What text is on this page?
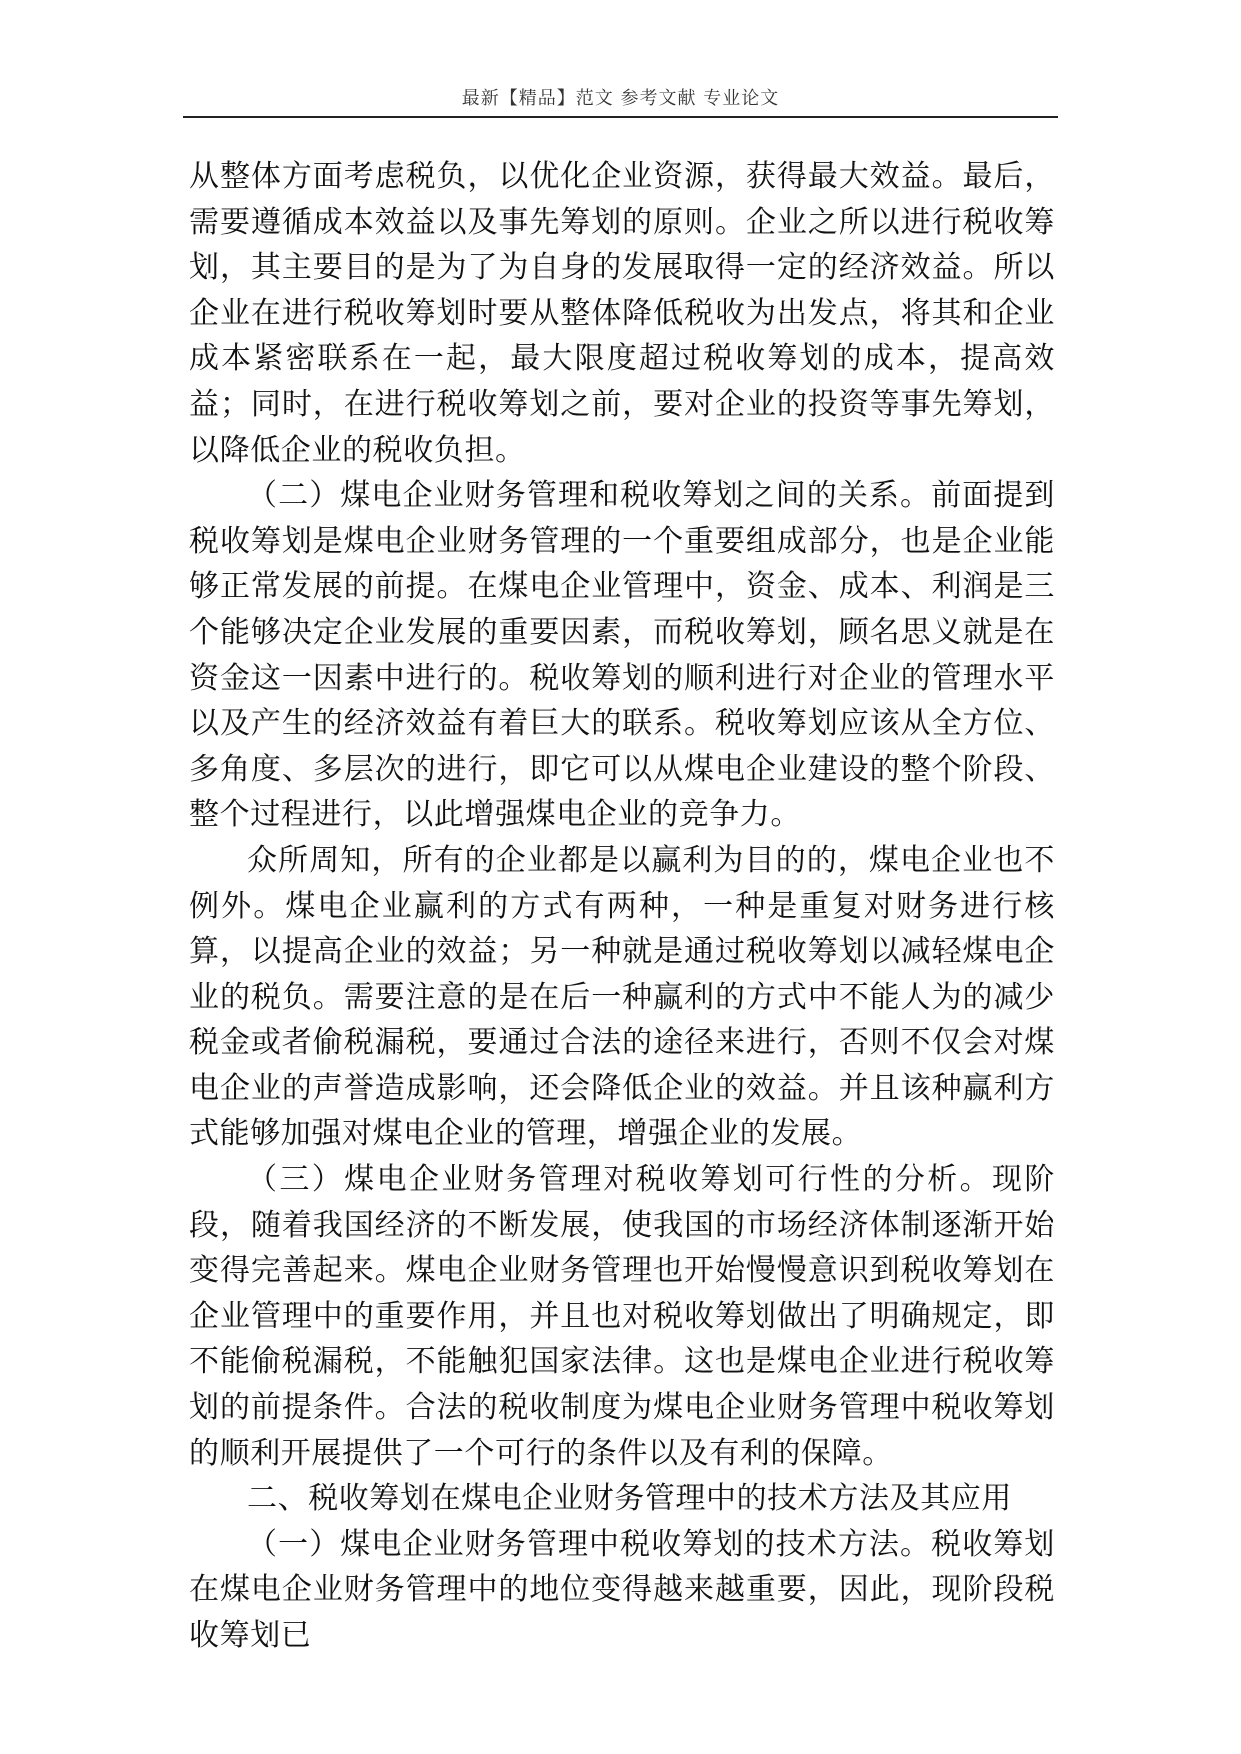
最新【精品】范文 参考文献 专业论文

从整体方面考虑税负，以优化企业资源，获得最大效益。最后，需要遵循成本效益以及事先筹划的原则。企业之所以进行税收筹划，其主要目的是为了为自身的发展取得一定的经济效益。所以企业在进行税收筹划时要从整体降低税收为出发点，将其和企业成本紧密联系在一起，最大限度超过税收筹划的成本，提高效益；同时，在进行税收筹划之前，要对企业的投资等事先筹划，以降低企业的税收负担。

（二）煤电企业财务管理和税收筹划之间的关系。前面提到税收筹划是煤电企业财务管理的一个重要组成部分，也是企业能够正常发展的前提。在煤电企业管理中，资金、成本、利润是三个能够决定企业发展的重要因素，而税收筹划，顾名思义就是在资金这一因素中进行的。税收筹划的顺利进行对企业的管理水平以及产生的经济效益有着巨大的联系。税收筹划应该从全方位、多角度、多层次的进行，即它可以从煤电企业建设的整个阶段、整个过程进行，以此增强煤电企业的竞争力。

众所周知，所有的企业都是以赢利为目的的，煤电企业也不例外。煤电企业赢利的方式有两种，一种是重复对财务进行核算，以提高企业的效益；另一种就是通过税收筹划以减轻煤电企业的税负。需要注意的是在后一种赢利的方式中不能人为的减少税金或者偷税漏税，要通过合法的途径来进行，否则不仅会对煤电企业的声誉造成影响，还会降低企业的效益。并且该种赢利方式能够加强对煤电企业的管理，增强企业的发展。

（三）煤电企业财务管理对税收筹划可行性的分析。现阶段，随着我国经济的不断发展，使我国的市场经济体制逐渐开始变得完善起来。煤电企业财务管理也开始慢慢意识到税收筹划在企业管理中的重要作用，并且也对税收筹划做出了明确规定，即不能偷税漏税，不能触犯国家法律。这也是煤电企业进行税收筹划的前提条件。合法的税收制度为煤电企业财务管理中税收筹划的顺利开展提供了一个可行的条件以及有利的保障。

二、税收筹划在煤电企业财务管理中的技术方法及其应用

（一）煤电企业财务管理中税收筹划的技术方法。税收筹划在煤电企业财务管理中的地位变得越来越重要，因此，现阶段税收筹划已
